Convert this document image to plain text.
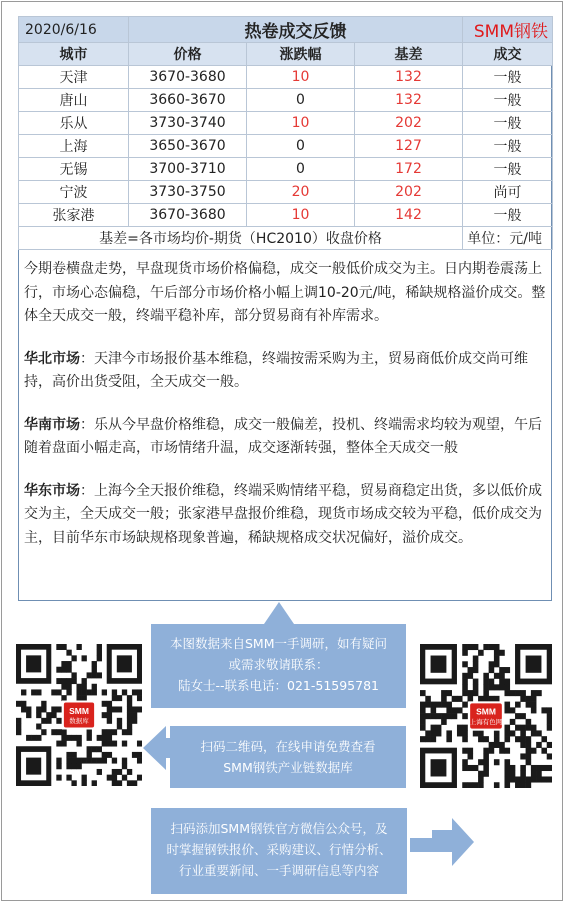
2020/6/16	热卷成交反馈			SMM钢铁
城市	价格	涨跌幅	基差	成交
天津	3670-3680	10	132	一般
唐山	3660-3670	0	132	一般
乐从	3730-3740	10	202	一般
上海	3650-3670	0	127	一般
无锡	3700-3710	0	172	一般
宁波	3730-3750	20	202	尚可
张家港	3670-3680	10	142	一般
基差=各市场均价-期货（HC2010）收盘价格				单位：元/吨

今期卷横盘走势，早盘现货市场价格偏稳，成交一般低价成交为主。日内期卷震荡上行，市场心态偏稳，午后部分市场价格小幅上调10-20元/吨，稀缺规格溢价成交。整体全天成交一般，终端平稳补库，部分贸易商有补库需求。

华北市场：天津今市场报价基本维稳，终端按需采购为主，贸易商低价成交尚可维持，高价出货受阻，全天成交一般。

华南市场：乐从今早盘价格维稳，成交一般偏差，投机、终端需求均较为观望，午后随着盘面小幅走高，市场情绪升温，成交逐渐转强，整体全天成交一般

华东市场：上海今全天报价维稳，终端采购情绪平稳，贸易商稳定出货，多以低价成交为主，全天成交一般；张家港早盘报价维稳，现货市场成交较为平稳，低价成交为主，目前华东市场缺规格现象普遍，稀缺规格成交状况偏好，溢价成交。

本图数据来自SMM一手调研，如有疑问
或需求敬请联系：
陆女士--联系电话：021-51595781
扫码二维码，在线申请免费查看
SMM钢铁产业链数据库
扫码添加SMM钢铁官方微信公众号，及
时掌握钢铁报价、采购建议、行情分析、
行业重要新闻、一手调研信息等内容
SMM
数据库
SMM
上海有色网
